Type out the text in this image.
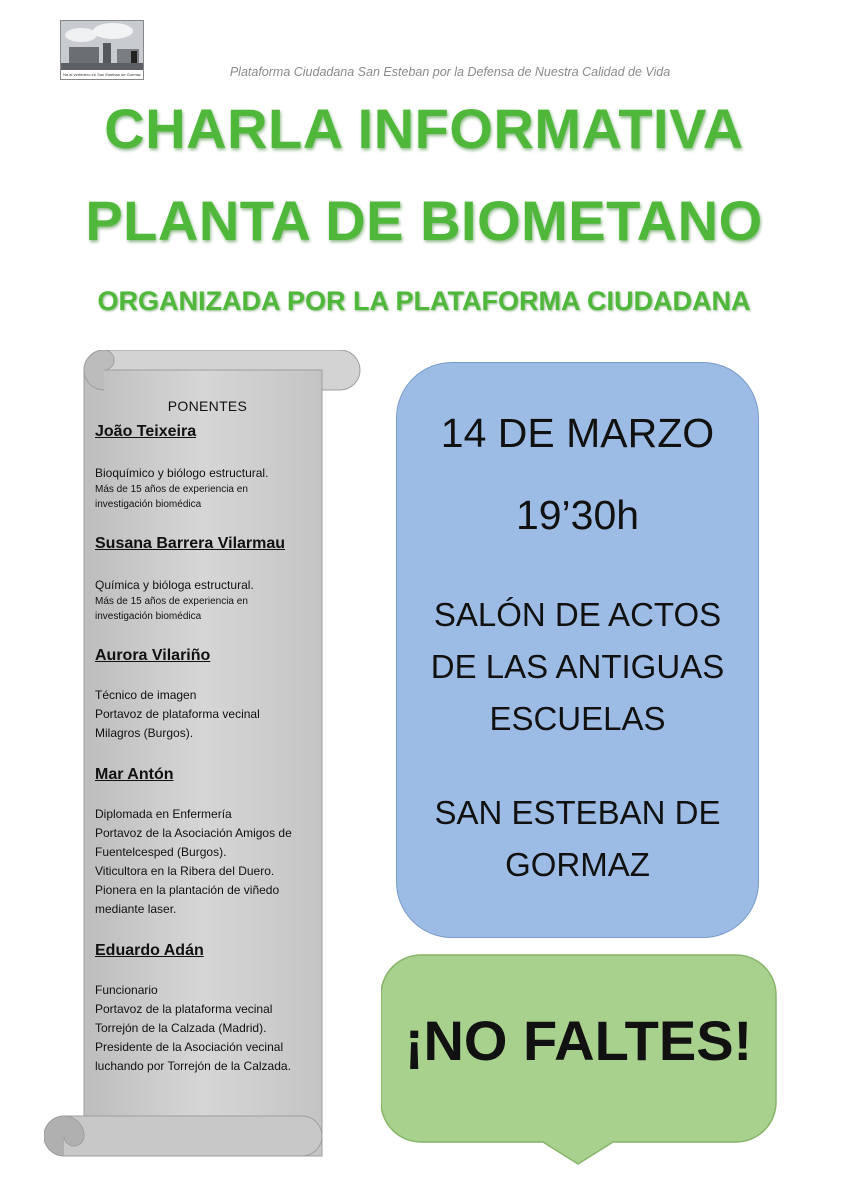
No al vertedero en San Esteban de Gormaz	Plataforma Ciudadana San Esteban por la Defensa de Nuestra Calidad de Vida
CHARLA INFORMATIVA
PLANTA DE BIOMETANO
ORGANIZADA POR LA PLATAFORMA CIUDADANA
PONENTES
João Teixeira
Bioquímico y biólogo estructural.
Más de 15 años de experiencia en
investigación biomédica
Susana Barrera Vilarmau
Química y bióloga estructural.
Más de 15 años de experiencia en
investigación biomédica
Aurora Vilariño
Técnico de imagen
Portavoz de plataforma vecinal
Milagros (Burgos).
Mar Antón
Diplomada en Enfermería
Portavoz de la Asociación Amigos de
Fuentelcesped (Burgos).
Viticultora en la Ribera del Duero.
Pionera en la plantación de viñedo
mediante laser.
Eduardo Adán
Funcionario
Portavoz de la plataforma vecinal
Torrejón de la Calzada (Madrid).
Presidente de la Asociación vecinal
luchando por Torrejón de la Calzada.
14 DE MARZO
19’30h
SALÓN DE ACTOS
DE LAS ANTIGUAS
ESCUELAS
SAN ESTEBAN DE
GORMAZ
¡NO FALTES!
